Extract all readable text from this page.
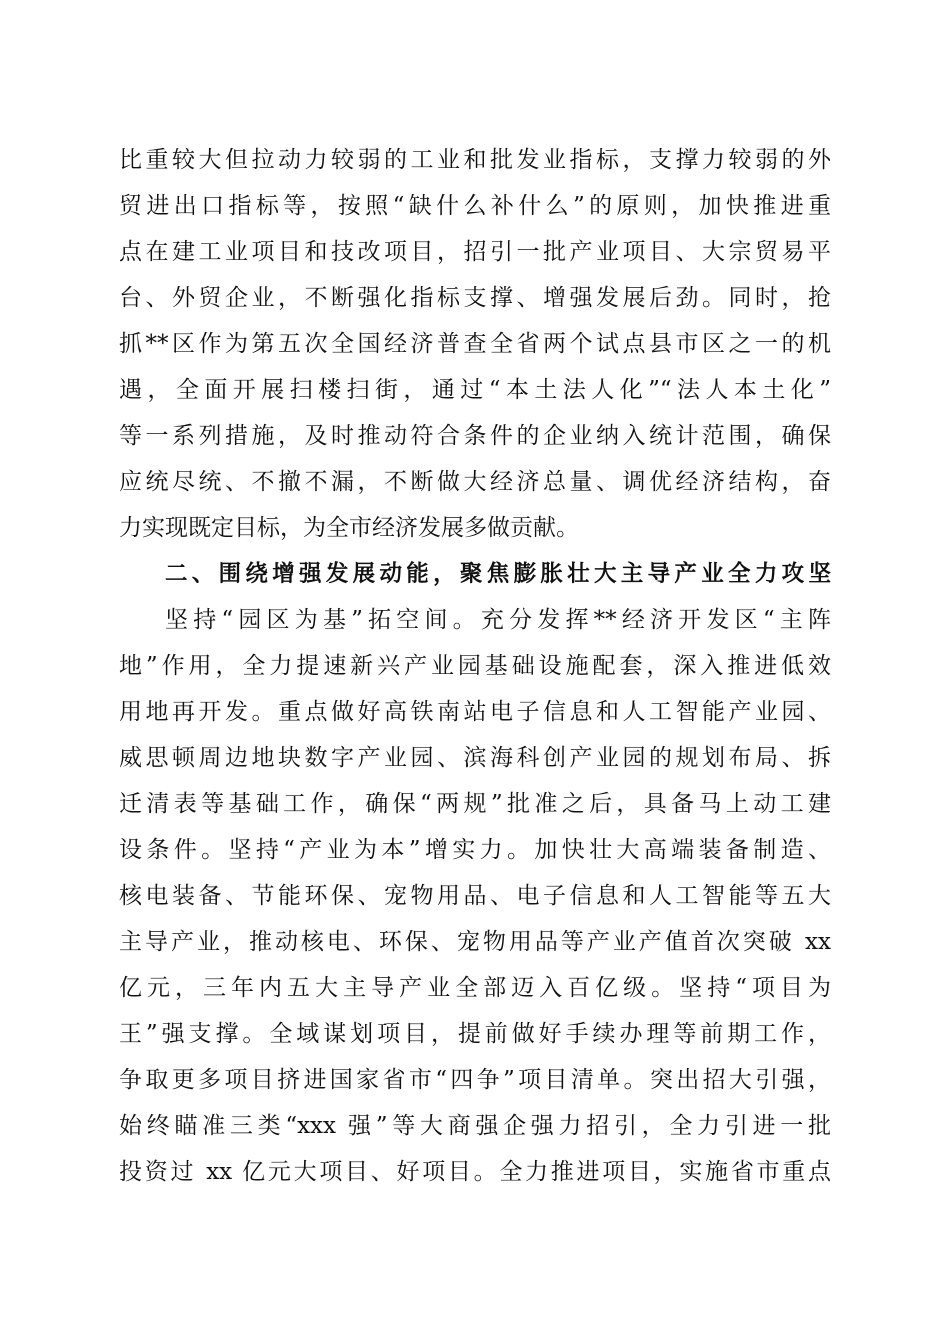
比重较大但拉动力较弱的工业和批发业指标，支撑力较弱的外
贸进出口指标等，按照“缺什么补什么”的原则，加快推进重
点在建工业项目和技改项目，招引一批产业项目、大宗贸易平
台、外贸企业，不断强化指标支撑、增强发展后劲。同时，抢
抓**区作为第五次全国经济普查全省两个试点县市区之一的机
遇，全面开展扫楼扫街，通过“本土法人化”“法人本土化”
等一系列措施，及时推动符合条件的企业纳入统计范围，确保
应统尽统、不撤不漏，不断做大经济总量、调优经济结构，奋
力实现既定目标，为全市经济发展多做贡献。
二、围绕增强发展动能，聚焦膨胀壮大主导产业全力攻坚
坚持“园区为基”拓空间。充分发挥**经济开发区“主阵
地”作用，全力提速新兴产业园基础设施配套，深入推进低效
用地再开发。重点做好高铁南站电子信息和人工智能产业园、
威思顿周边地块数字产业园、滨海科创产业园的规划布局、拆
迁清表等基础工作，确保“两规”批准之后，具备马上动工建
设条件。坚持“产业为本”增实力。加快壮大高端装备制造、
核电装备、节能环保、宠物用品、电子信息和人工智能等五大
主导产业，推动核电、环保、宠物用品等产业产值首次突破 xx
亿元，三年内五大主导产业全部迈入百亿级。坚持“项目为
王”强支撑。全域谋划项目，提前做好手续办理等前期工作，
争取更多项目挤进国家省市“四争”项目清单。突出招大引强，
始终瞄准三类“xxx 强”等大商强企强力招引，全力引进一批
投资过 xx 亿元大项目、好项目。全力推进项目，实施省市重点
